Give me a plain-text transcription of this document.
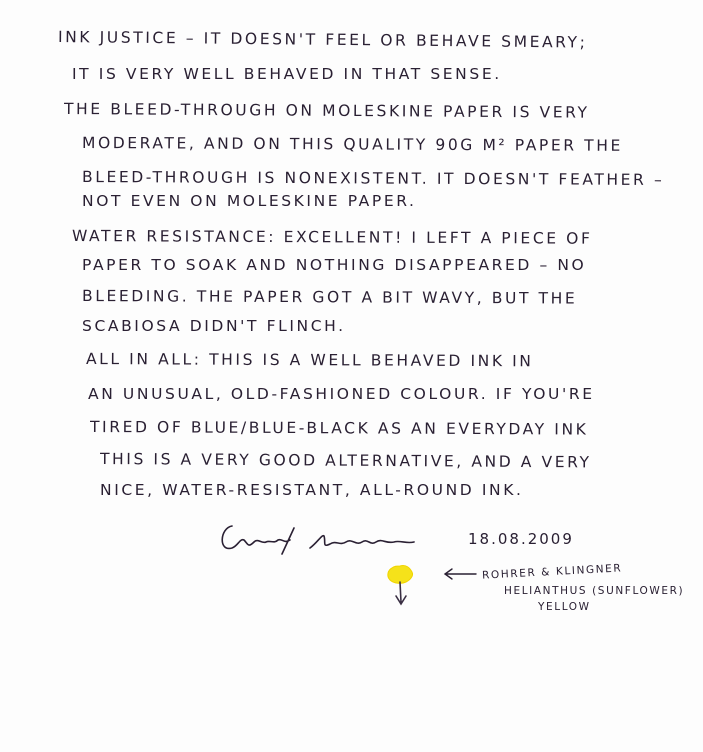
INK JUSTICE – IT DOESN'T FEEL OR BEHAVE SMEARY;
IT IS VERY WELL BEHAVED IN THAT SENSE.
THE BLEED-THROUGH ON MOLESKINE PAPER IS VERY
MODERATE, AND ON THIS QUALITY 90G M² PAPER THE
BLEED-THROUGH IS NONEXISTENT. IT DOESN'T FEATHER –
NOT EVEN ON MOLESKINE PAPER.
WATER RESISTANCE: EXCELLENT! I LEFT A PIECE OF
PAPER TO SOAK AND NOTHING DISAPPEARED – NO
BLEEDING. THE PAPER GOT A BIT WAVY, BUT THE
SCABIOSA DIDN'T FLINCH.
ALL IN ALL: THIS IS A WELL BEHAVED INK IN
AN UNUSUAL, OLD-FASHIONED COLOUR. IF YOU'RE
TIRED OF BLUE/BLUE-BLACK AS AN EVERYDAY INK
THIS IS A VERY GOOD ALTERNATIVE, AND A VERY
NICE, WATER-RESISTANT, ALL-ROUND INK.
18.08.2009
ROHRER & KLINGNER
HELIANTHUS (SUNFLOWER)
YELLOW
